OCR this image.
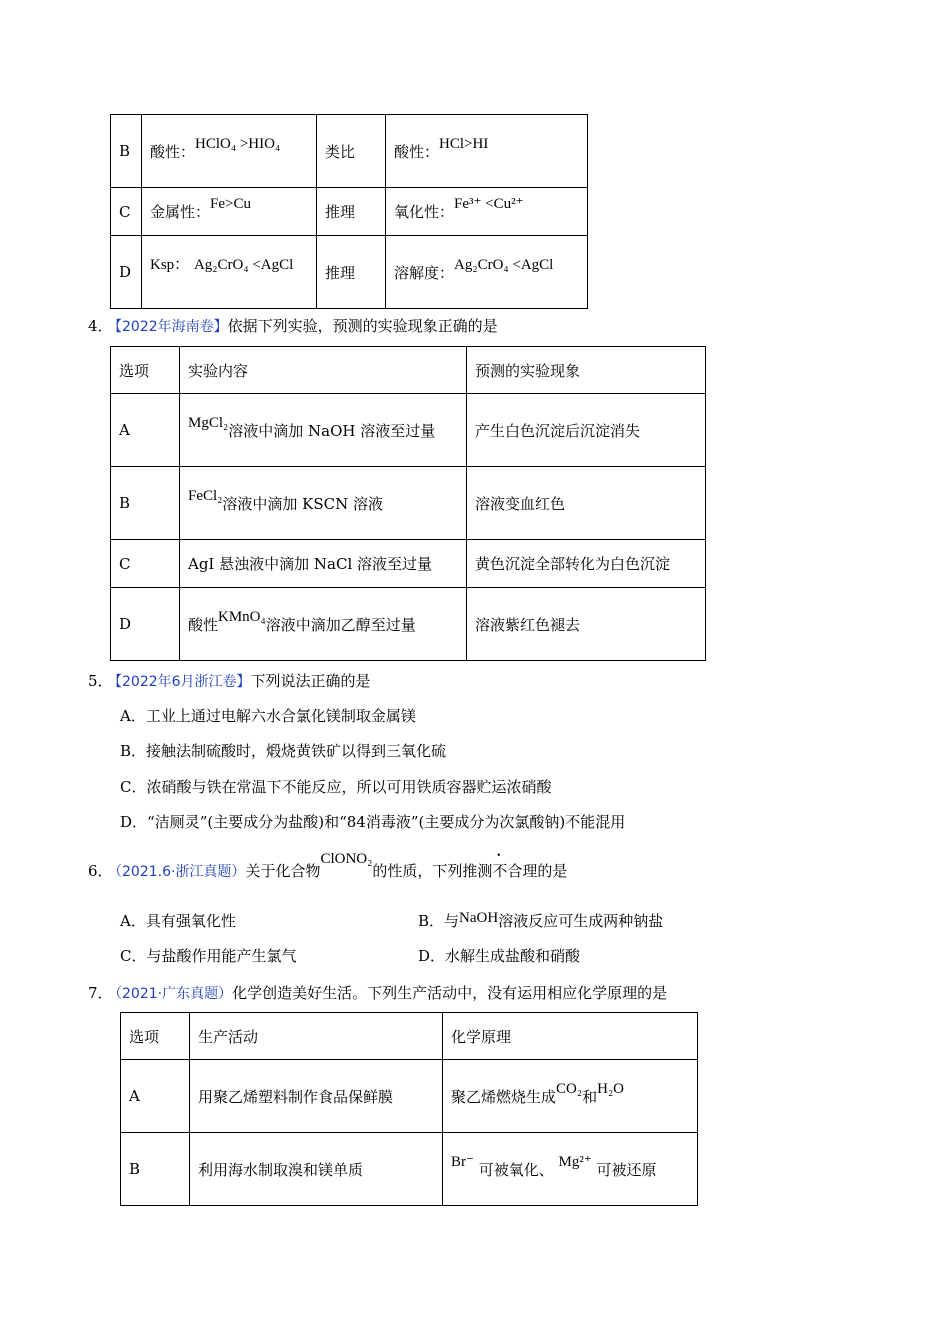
B	酸性：HClO₄ >HIO₄	类比	酸性：HCl>HI
C	金属性：Fe>Cu	推理	氧化性：Fe³⁺ <Cu²⁺
D	Ksp： Ag₂CrO₄ <AgCl	推理	溶解度：Ag₂CrO₄ <AgCl
4．
【2022年海南卷】依据下列实验，预测的实验现象正确的是
选项	实验内容	预测的实验现象
A	MgCl₂溶液中滴加 NaOH 溶液至过量	产生白色沉淀后沉淀消失
B	FeCl₂溶液中滴加 KSCN 溶液	溶液变血红色
C	AgI 悬浊液中滴加 NaCl 溶液至过量	黄色沉淀全部转化为白色沉淀
D	酸性KMnO₄溶液中滴加乙醇至过量	溶液紫红色褪去
5．
【2022年6月浙江卷】下列说法正确的是
A．工业上通过电解六水合氯化镁制取金属镁
B．接触法制硫酸时，煅烧黄铁矿以得到三氧化硫
C．浓硝酸与铁在常温下不能反应，所以可用铁质容器贮运浓硝酸
D．“洁厕灵”(主要成分为盐酸)和“84消毒液”(主要成分为次氯酸钠)不能混用
6．
（2021.6·浙江真题）关于化合物ClONO₂的性质，下列推测不合理的是
A．具有强氧化性	B．与NaOH溶液反应可生成两种钠盐
C．与盐酸作用能产生氯气	D．水解生成盐酸和硝酸
7．
（2021·广东真题）化学创造美好生活。下列生产活动中，没有运用相应化学原理的是
选项	生产活动	化学原理
A	用聚乙烯塑料制作食品保鲜膜	聚乙烯燃烧生成CO₂和H₂O
B	利用海水制取溴和镁单质	Br⁻ 可被氧化、 Mg²⁺ 可被还原
